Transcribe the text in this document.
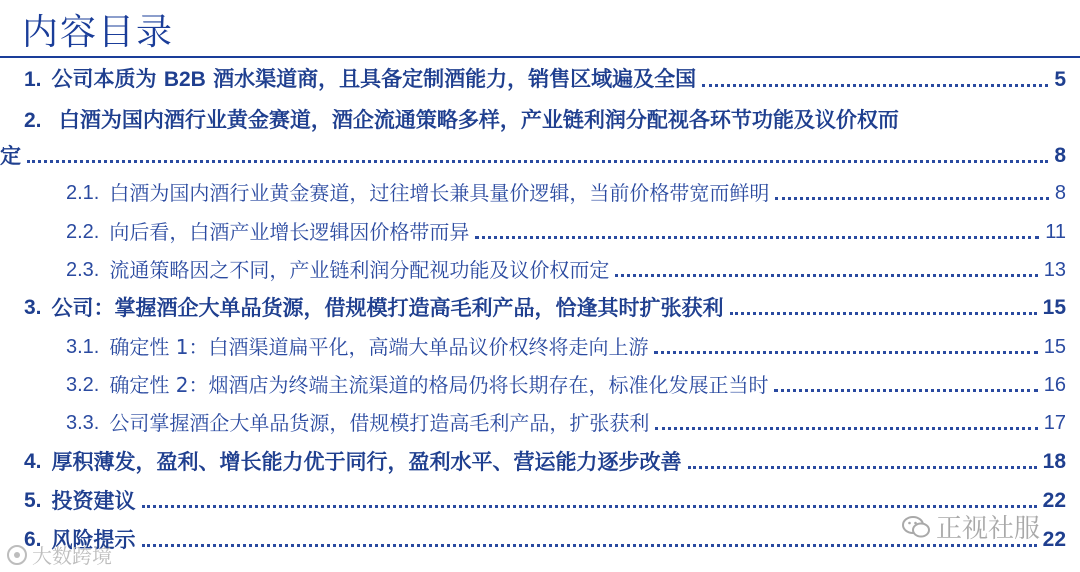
内容目录
1. 公司本质为 B2B 酒水渠道商，且具备定制酒能力，销售区域遍及全国	5
2. 白酒为国内酒行业黄金赛道，酒企流通策略多样，产业链利润分配视各环节功能及议价权而
定	8
2.1. 白酒为国内酒行业黄金赛道，过往增长兼具量价逻辑，当前价格带宽而鲜明	8
2.2. 向后看，白酒产业增长逻辑因价格带而异	11
2.3. 流通策略因之不同，产业链利润分配视功能及议价权而定	13
3. 公司：掌握酒企大单品货源，借规模打造高毛利产品，恰逢其时扩张获利	15
3.1. 确定性 1：白酒渠道扁平化，高端大单品议价权终将走向上游	15
3.2. 确定性 2：烟酒店为终端主流渠道的格局仍将长期存在，标准化发展正当时	16
3.3. 公司掌握酒企大单品货源，借规模打造高毛利产品，扩张获利	17
4. 厚积薄发，盈利、增长能力优于同行，盈利水平、营运能力逐步改善	18
5. 投资建议	22
6. 风险提示	22
正视社服
大数跨境
